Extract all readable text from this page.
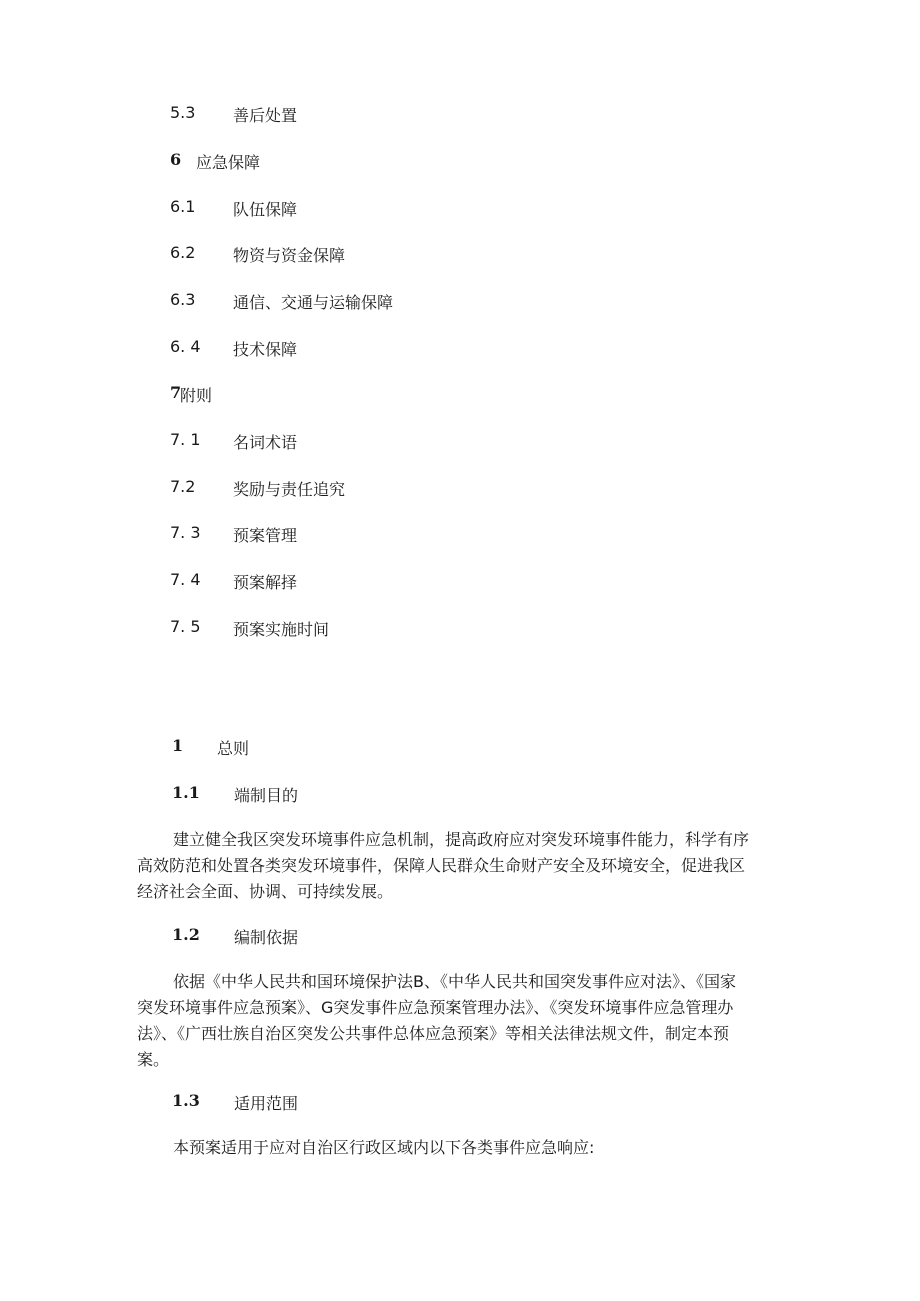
5.3 善后处置
6 应急保障
6.1 队伍保障
6.2 物资与资金保障
6.3 通信、交通与运输保障
6. 4 技术保障
7
附则
7. 1 名词术语
7.2 奖励与责任追究
7. 3 预案管理
7. 4 预案解择
7. 5 预案实施时间
1 总则
1.1 端制目的
建立健全我区突发环境事件应急机制，提高政府应对突发环境事件能力，科学有序
高效防范和处置各类突发环境事件，保障人民群众生命财产安全及环境安全，促进我区
经济社会全面、协调、可持续发展。
1.2 编制依据
依据《中华人民共和国环境保护法B、《中华人民共和国突发事件应对法》、《国家
突发环境事件应急预案》、G突发事件应急预案管理办法》、《突发环境事件应急管理办
法》、《广西壮族自治区突发公共事件总体应急预案》等相关法律法规文件，制定本预
案。
1.3 适用范围
本预案适用于应对自治区行政区域内以下各类事件应急响应:
